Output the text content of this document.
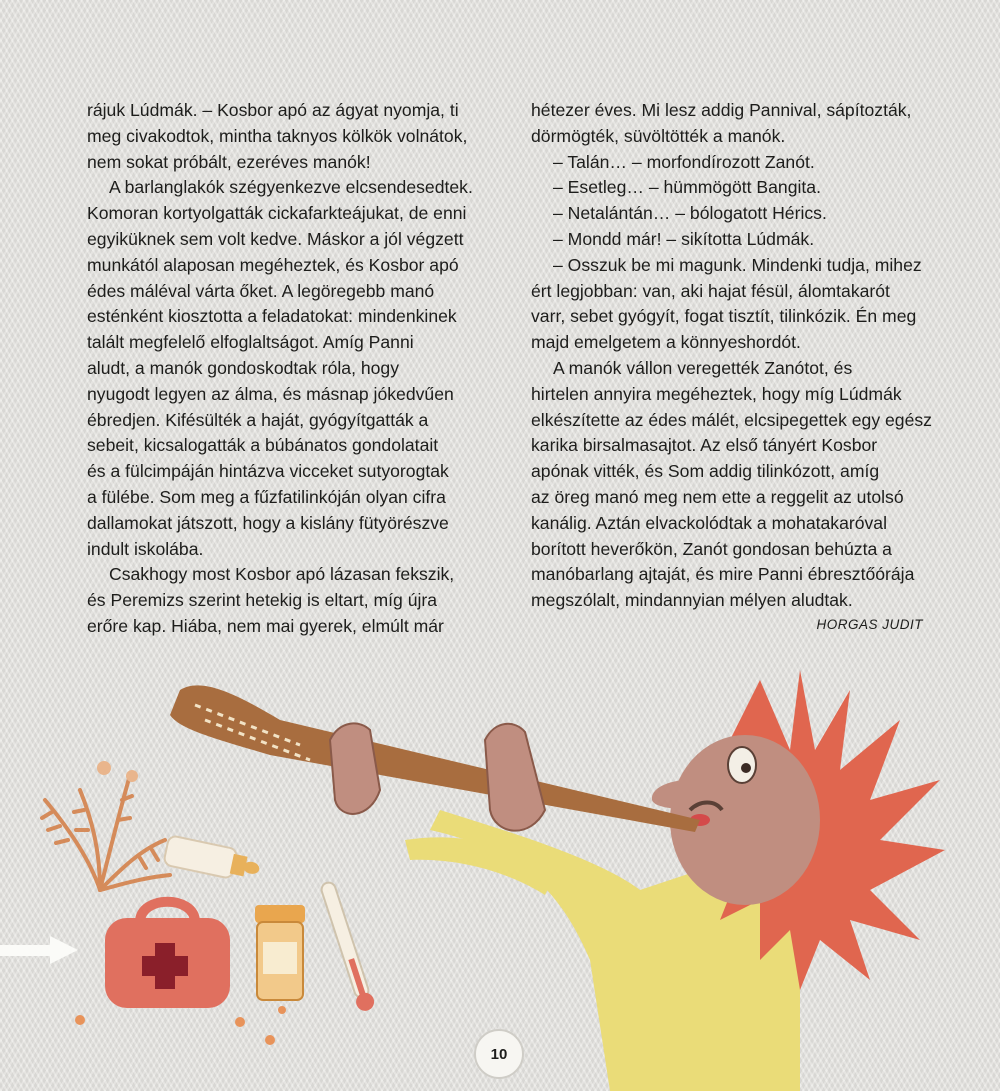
rájuk Lúdmák. – Kosbor apó az ágyat nyomja, ti
meg civakodtok, mintha taknyos kölkök volnátok,
nem sokat próbált, ezeréves manók!
A barlanglakók szégyenkezve elcsendesedtek.
Komoran kortyolgatták cickafarkteájukat, de enni
egyiküknek sem volt kedve. Máskor a jól végzett
munkától alaposan megéheztek, és Kosbor apó
édes máléval várta őket. A legöregebb manó
esténként kiosztotta a feladatokat: mindenkinek
talált megfelelő elfoglaltságot. Amíg Panni
aludt, a manók gondoskodtak róla, hogy
nyugodt legyen az álma, és másnap jókedvűen
ébredjen. Kifésülték a haját, gyógyítgatták a
sebeit, kicsalogatták a búbánatos gondolatait
és a fülcimpáján hintázva vicceket sutyorogtak
a fülébe. Som meg a fűzfatilinkóján olyan cifra
dallamokat játszott, hogy a kislány fütyörészve
indult iskolába.
Csakhogy most Kosbor apó lázasan fekszik,
és Peremizs szerint hetekig is eltart, míg újra
erőre kap. Hiába, nem mai gyerek, elmúlt már
hétezer éves. Mi lesz addig Pannival, sápítozták,
dörmögték, süvöltötték a manók.
– Talán… – morfondírozott Zanót.
– Esetleg… – hümmögött Bangita.
– Netalántán… – bólogatott Hérics.
– Mondd már! – sikította Lúdmák.
– Osszuk be mi magunk. Mindenki tudja, mihez
ért legjobban: van, aki hajat fésül, álomtakarót
varr, sebet gyógyít, fogat tisztít, tilinkózik. Én meg
majd emelgetem a könnyeshordót.
A manók vállon veregették Zanótot, és
hirtelen annyira megéheztek, hogy míg Lúdmák
elkészítette az édes málét, elcsipegettek egy egész
karika birsalmasajtot. Az első tányért Kosbor
apónak vitték, és Som addig tilinkózott, amíg
az öreg manó meg nem ette a reggelit az utolsó
kanálig. Aztán elvackolódtak a mohatakaróval
borított heverőkön, Zanót gondosan behúzta a
manóbarlang ajtaját, és mire Panni ébresztőórája
megszólalt, mindannyian mélyen aludtak.
HORGAS JUDIT
10
